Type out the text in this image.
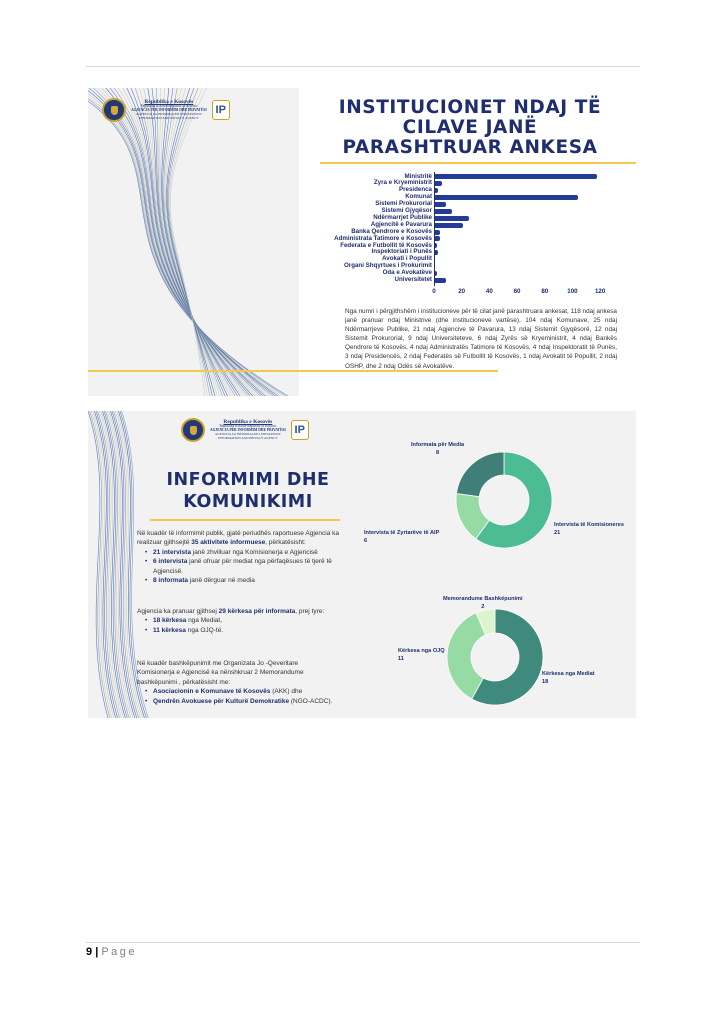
Republika e Kosovës
Republika Kosova-Republic of Kosovo
AGJENCIA PËR INFORMIM DHE PRIVATËSI
AGENCIJA ZA INFORMACIJE I PRIVATNOST
INFORMATION AND PRIVACY AGENCY
IP	INSTITUCIONET NDAJ TË CILAVE JANË PARASHTRUAR ANKESA
Ministritë
Zyra e Kryeministrit
Presidenca
Komunat
Sistemi Prokurorial
Sistemi Gjyqësor
Ndërmarrjet Publike
Agjencitë e Pavarura
Banka Qendrore e Kosovës
Administrata Tatimore e Kosovës
Federata e Futbollit të Kosovës
Inspektoriati i Punës
Avokati i Popullit
Organi Shqyrtues i Prokurimit
Oda e Avokatëve
Universitetet
0	20	40	60	80	100	120
Nga numri i përgjithshëm i institucioneve për të cilat janë parashtruara ankesat, 118 ndaj ankesa janë pranuar ndaj Ministrive (dhe institucioneve vartëse), 104 ndaj Komunave, 25 ndaj Ndërmarrjeve Publike, 21 ndaj Agjencive të Pavarura, 13 ndaj Sistemit Gjyqësorë, 12 ndaj Sistemit Prokurorial, 9 ndaj Universiteteve, 6 ndaj Zyrës së Kryeministrit, 4 ndaj Bankës Qendrore të Kosovës, 4 ndaj Administratës Tatimore të Kosovës, 4 ndaj Inspektoratit të Punës, 3 ndaj Presidencës, 2 ndaj Federatës së Futbollit të Kosovës, 1 ndaj Avokatit të Popullit, 2 ndaj OSHP, dhe 2 ndaj Odës së Avokatëve.
Republika e Kosovës
Republika Kosova-Republic of Kosovo
AGJENCIA PËR INFORMIM DHE PRIVATËSI
AGENCIJA ZA INFORMACIJE I PRIVATNOST
INFORMATION AND PRIVACY AGENCY
IP
INFORMIMI DHE
KOMUNIKIMI

Në kuadër të informimit publik, gjatë periudhës raportuese Agjencia ka realizuar gjithsejtë 35 aktivitete informuese, përkatësisht:

• 21 intervista janë zhvilluar nga Komisionerja e Agjencisë
• 6 intervista janë ofruar për mediat nga përfaqësues të tjerë të Agjencisë.
• 8 informata janë dërguar në media

Agjencia ka pranuar gjithsej 29 kërkesa për informata, prej tyre:

• 18 kërkesa nga Mediat,
• 11 kërkesa nga OJQ-të.

Në kuadër bashkëpunimit me Organizata Jo -Qeveritare Komisionerja e Agjencisë ka nënshkruar 2 Memorandume bashkëpunimi , përkatësisht me:

• Asociacionin e Komunave të Kosovës (AKK) dhe
• Qendrën Avokuese për Kulturë Demokratike (NGO-ACDC).
Intervista të Komisioneres
21
Intervista të Zyrtarëve të AIP
6
Informata për Media
8
Kërkesa nga Mediat
18
Kërkesa nga OJQ
11
Memorandume Bashkëpunimi
2
9 | Page
